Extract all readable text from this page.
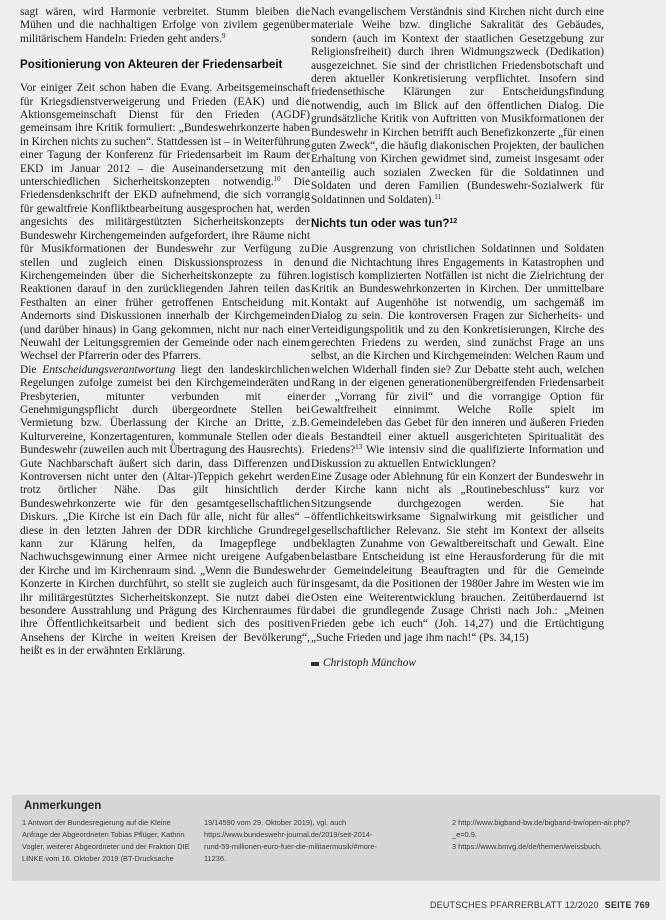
sagt wären, wird Harmonie verbreitet. Stumm bleiben die Mühen und die nachhaltigen Erfolge von zivilem gegenüber militärischem Handeln: Frieden geht anders.$^9$

Positionierung von Akteuren der Friedensarbeit

Vor einiger Zeit schon haben die Evang. Arbeitsgemeinschaft für Kriegsdienstverweigerung und Frieden (EAK) und die Aktionsgemeinschaft Dienst für den Frieden (AGDF) gemeinsam ihre Kritik formuliert: „Bundeswehrkonzerte haben in Kirchen nichts zu suchen“. Stattdessen ist – in Weiterführung einer Tagung der Konferenz für Friedensarbeit im Raum der EKD im Januar 2012 – die Auseinandersetzung mit den unterschiedlichen Sicherheitskonzepten notwendig.$^{10}$ Die Friedensdenkschrift der EKD aufnehmend, die sich vorrangig für gewaltfreie Konfliktbearbeitung ausgesprochen hat, werden angesichts des militärgestützten Sicherheitskonzepts der Bundeswehr Kirchengemeinden aufgefordert, ihre Räume nicht für Musikformationen der Bundeswehr zur Verfügung zu stellen und zugleich einen Diskussionsprozess in den Kirchengemeinden über die Sicherheitskonzepte zu führen. Reaktionen darauf in den zurückliegenden Jahren teilen das Festhalten an einer früher getroffenen Entscheidung mit. Andernorts sind Diskussionen innerhalb der Kirchgemeinden (und darüber hinaus) in Gang gekommen, nicht nur nach einer Neuwahl der Leitungsgremien der Gemeinde oder nach einem Wechsel der Pfarrerin oder des Pfarrers.

Die Entscheidungsverantwortung liegt den landeskirchlichen Regelungen zufolge zumeist bei den Kirchgemeinderäten und Presbyterien, mitunter verbunden mit einer Genehmigungspflicht durch übergeordnete Stellen bei Vermietung bzw. Überlassung der Kirche an Dritte, z.B. Kulturvereine, Konzertagenturen, kommunale Stellen oder die Bundeswehr (zuweilen auch mit Übertragung des Hausrechts).

Gute Nachbarschaft äußert sich darin, dass Differenzen und Kontroversen nicht unter den (Altar-)Teppich gekehrt werden trotz örtlicher Nähe. Das gilt hinsichtlich der Bundeswehrkonzerte wie für den gesamtgesellschaftlichen Diskurs. „Die Kirche ist ein Dach für alle, nicht für alles“ – diese in den letzten Jahren der DDR kirchliche Grundregel kann zur Klärung helfen, da Imagepflege und Nachwuchsgewinnung einer Armee nicht ureigene Aufgaben der Kirche und im Kirchenraum sind. „Wenn die Bundeswehr Konzerte in Kirchen durchführt, so stellt sie zugleich auch für ihr militärgestütztes Sicherheitskonzept. Sie nutzt dabei die besondere Ausstrahlung und Prägung des Kirchenraumes für ihre Öffentlichkeitsarbeit und bedient sich des positiven Ansehens der Kirche in weiten Kreisen der Bevölkerung“, heißt es in der erwähnten Erklärung.

Nach evangelischem Verständnis sind Kirchen nicht durch eine materiale Weihe bzw. dingliche Sakralität des Gebäudes, sondern (auch im Kontext der staatlichen Gesetzgebung zur Religionsfreiheit) durch ihren Widmungszweck (Dedikation) ausgezeichnet. Sie sind der christlichen Friedensbotschaft und deren aktueller Konkretisierung verpflichtet. Insofern sind friedensethische Klärungen zur Entscheidungsfindung notwendig, auch im Blick auf den öffentlichen Dialog. Die grundsätzliche Kritik von Auftritten von Musikformationen der Bundeswehr in Kirchen betrifft auch Benefizkonzerte „für einen guten Zweck“, die häufig diakonischen Projekten, der baulichen Erhaltung von Kirchen gewidmet sind, zumeist insgesamt oder anteilig auch sozialen Zwecken für die Soldatinnen und Soldaten und deren Familien (Bundeswehr-Sozialwerk für Soldatinnen und Soldaten).$^{11}$

Nichts tun oder was tun?$^{12}$

Die Ausgrenzung von christlichen Soldatinnen und Soldaten und die Nichtachtung ihres Engagements in Katastrophen und logistisch komplizierten Notfällen ist nicht die Zielrichtung der Kritik an Bundeswehrkonzerten in Kirchen. Der unmittelbare Kontakt auf Augenhöhe ist notwendig, um sachgemäß im Dialog zu sein. Die kontroversen Fragen zur Sicherheits- und Verteidigungspolitik und zu den Konkretisierungen, Kirche des gerechten Friedens zu werden, sind zunächst Frage an uns selbst, an die Kirchen und Kirchgemeinden: Welchen Raum und welchen Widerhall finden sie? Zur Debatte steht auch, welchen Rang in der eigenen generationenübergreifenden Friedensarbeit der „Vorrang für zivil“ und die vorrangige Option für Gewaltfreiheit einnimmt. Welche Rolle spielt im Gemeindeleben das Gebet für den inneren und äußeren Frieden als Bestandteil einer aktuell ausgerichteten Spiritualität des Friedens?$^{13}$ Wie intensiv sind die qualifizierte Information und Diskussion zu aktuellen Entwicklungen?

Eine Zusage oder Ablehnung für ein Konzert der Bundeswehr in der Kirche kann nicht als „Routinebeschluss“ kurz vor Sitzungsende durchgezogen werden. Sie hat öffentlichkeitswirksame Signalwirkung mit geistlicher und gesellschaftlicher Relevanz. Sie steht im Kontext der allseits beklagten Zunahme von Gewaltbereitschaft und Gewalt. Eine belastbare Entscheidung ist eine Herausforderung für die mit der Gemeindeleitung Beauftragten und für die Gemeinde insgesamt, da die Positionen der 1980er Jahre im Westen wie im Osten eine Weiterentwicklung brauchen. Zeitüberdauernd ist dabei die grundlegende Zusage Christi nach Joh.: „Meinen Frieden gebe ich euch“ (Joh. 14,27) und die Ertüchtigung „Suche Frieden und jage ihm nach!“ (Ps. 34,15)

Christoph Münchow

Anmerkungen
1 Antwort der Bundesregierung auf die Kleine Anfrage der Abgeordneten Tobias Pflüger, Kathrin Vogler, weiterer Abgeordneter und der Fraktion DIE LINKE vom 16. Oktober 2019 (BT-Drucksache
19/14590 vom 29. Oktober 2019), vgl. auch https://www.bundeswehr-journal.de/2019/seit-2014-rund-59-millionen-euro-fuer-die-militaermusik/#more-11236.
2 http://www.bigband-bw.de/bigband-bw/open-air.php?_e=0.9.
3 https://www.bmvg.de/de/themen/weissbuch.
DEUTSCHES PFARRERBLATT 12/2020 SEITE 769
